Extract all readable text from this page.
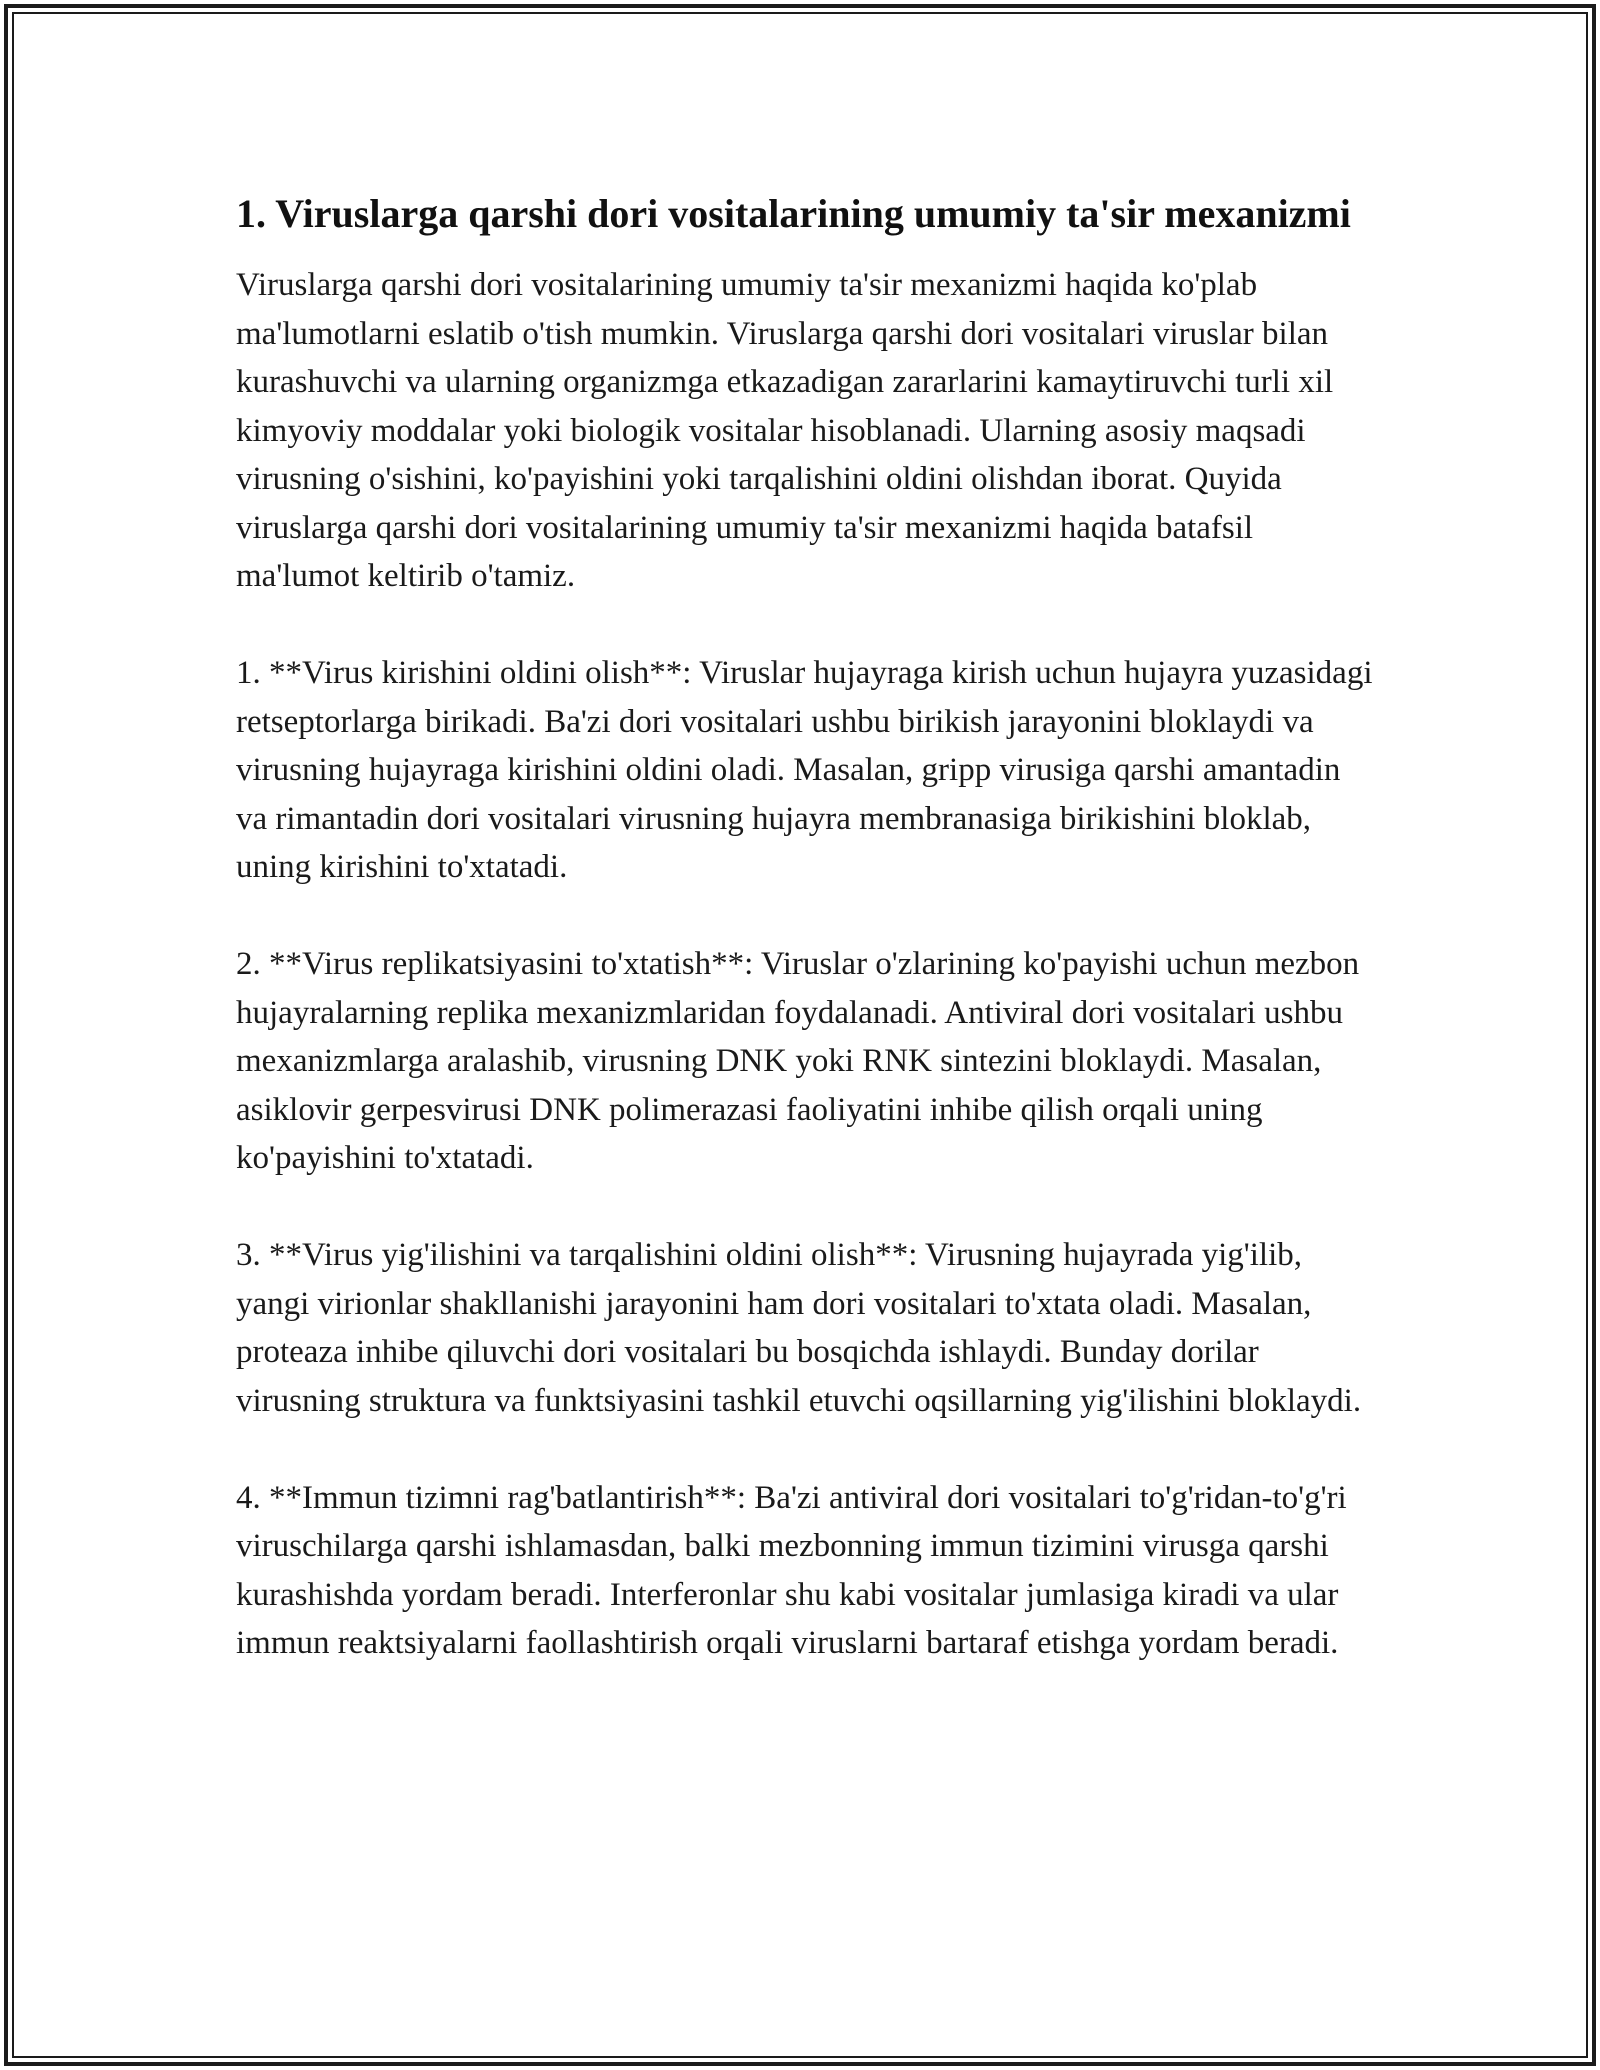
1. Viruslarga qarshi dori vositalarining umumiy ta'sir mexanizmi

Viruslarga qarshi dori vositalarining umumiy ta'sir mexanizmi haqida ko'plab ma'lumotlarni eslatib o'tish mumkin. Viruslarga qarshi dori vositalari viruslar bilan kurashuvchi va ularning organizmga etkazadigan zararlarini kamaytiruvchi turli xil kimyoviy moddalar yoki biologik vositalar hisoblanadi. Ularning asosiy maqsadi virusning o'sishini, ko'payishini yoki tarqalishini oldini olishdan iborat. Quyida viruslarga qarshi dori vositalarining umumiy ta'sir mexanizmi haqida batafsil ma'lumot keltirib o'tamiz.

1. **Virus kirishini oldini olish**: Viruslar hujayraga kirish uchun hujayra yuzasidagi retseptorlarga birikadi. Ba'zi dori vositalari ushbu birikish jarayonini bloklaydi va virusning hujayraga kirishini oldini oladi. Masalan, gripp virusiga qarshi amantadin va rimantadin dori vositalari virusning hujayra membranasiga birikishini bloklab, uning kirishini to'xtatadi.

2. **Virus replikatsiyasini to'xtatish**: Viruslar o'zlarining ko'payishi uchun mezbon hujayralarning replika mexanizmlaridan foydalanadi. Antiviral dori vositalari ushbu mexanizmlarga aralashib, virusning DNK yoki RNK sintezini bloklaydi. Masalan, asiklovir gerpesvirusi DNK polimerazasi faoliyatini inhibe qilish orqali uning ko'payishini to'xtatadi.

3. **Virus yig'ilishini va tarqalishini oldini olish**: Virusning hujayrada yig'ilib, yangi virionlar shakllanishi jarayonini ham dori vositalari to'xtata oladi. Masalan, proteaza inhibe qiluvchi dori vositalari bu bosqichda ishlaydi. Bunday dorilar virusning struktura va funktsiyasini tashkil etuvchi oqsillarning yig'ilishini bloklaydi.

4. **Immun tizimni rag'batlantirish**: Ba'zi antiviral dori vositalari to'g'ridan-to'g'ri viruschilarga qarshi ishlamasdan, balki mezbonning immun tizimini virusga qarshi kurashishda yordam beradi. Interferonlar shu kabi vositalar jumlasiga kiradi va ular immun reaktsiyalarni faollashtirish orqali viruslarni bartaraf etishga yordam beradi.
